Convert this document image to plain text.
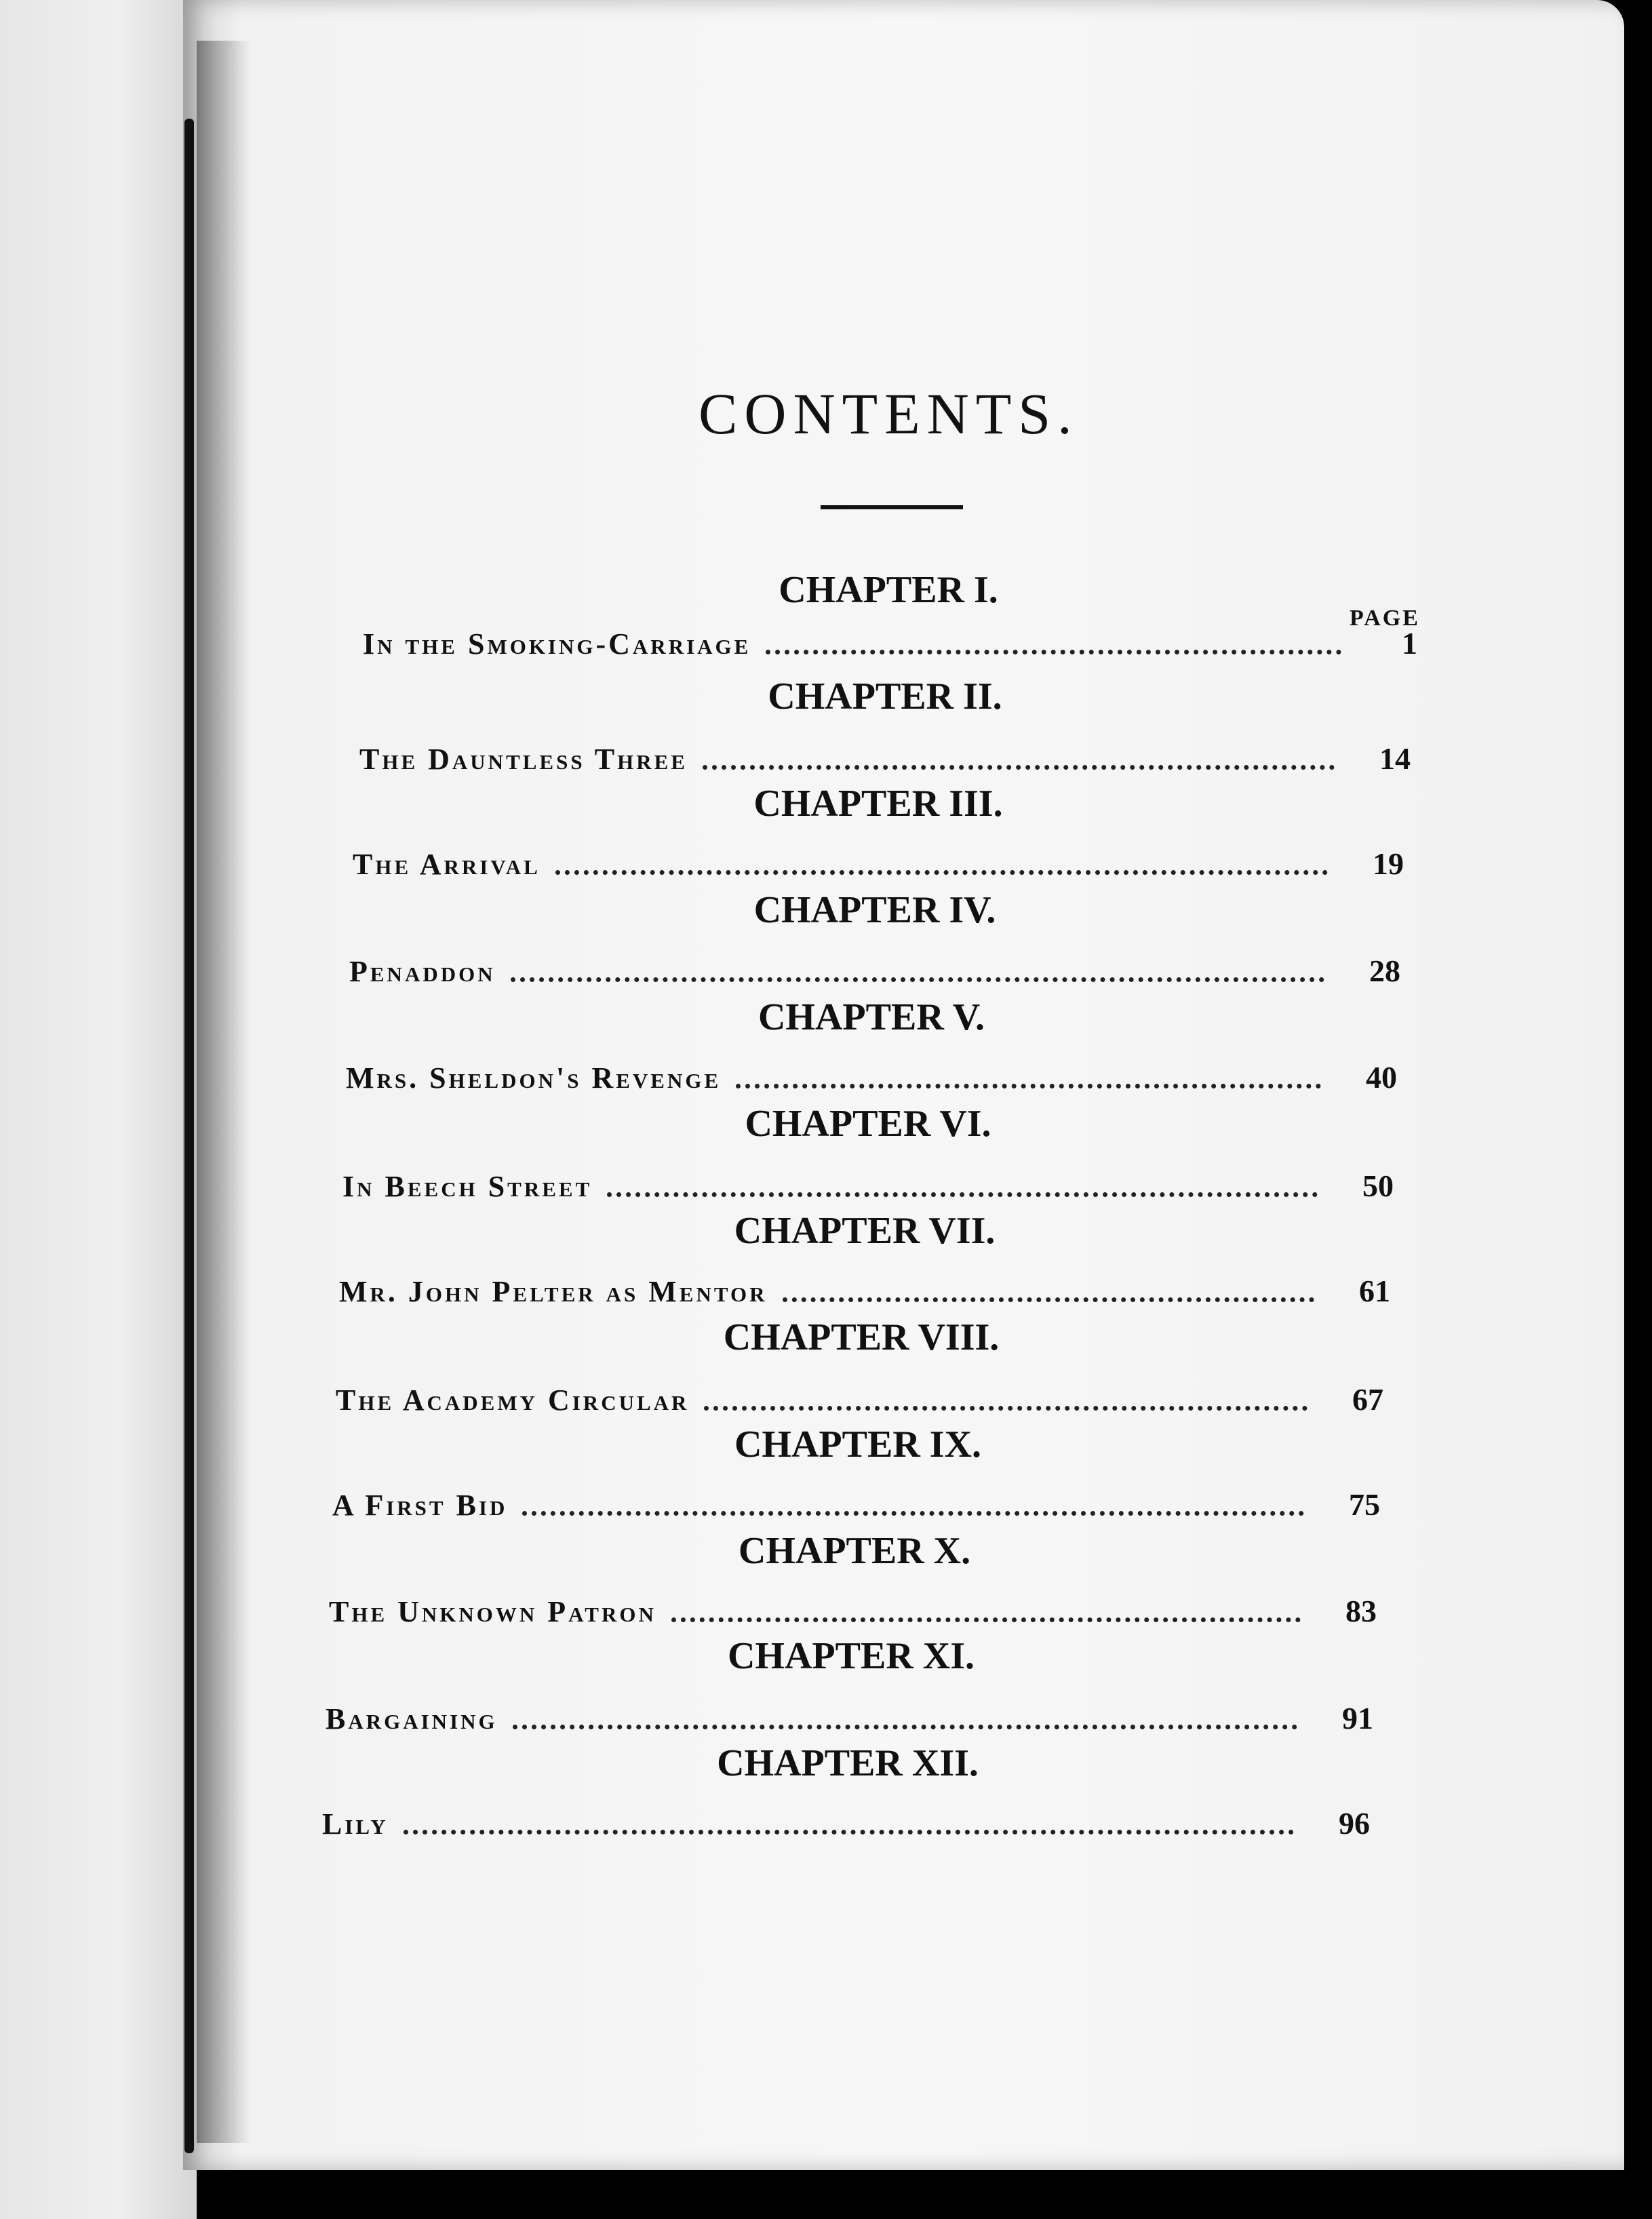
CONTENTS.
PAGE
CHAPTER I.
In the Smoking-Carriage	1
CHAPTER II.
The Dauntless Three	14
CHAPTER III.
The Arrival	19
CHAPTER IV.
Penaddon	28
CHAPTER V.
Mrs. Sheldon's Revenge	40
CHAPTER VI.
In Beech Street	50
CHAPTER VII.
Mr. John Pelter as Mentor	61
CHAPTER VIII.
The Academy Circular	67
CHAPTER IX.
A First Bid	75
CHAPTER X.
The Unknown Patron	83
CHAPTER XI.
Bargaining	91
CHAPTER XII.
Lily	96
